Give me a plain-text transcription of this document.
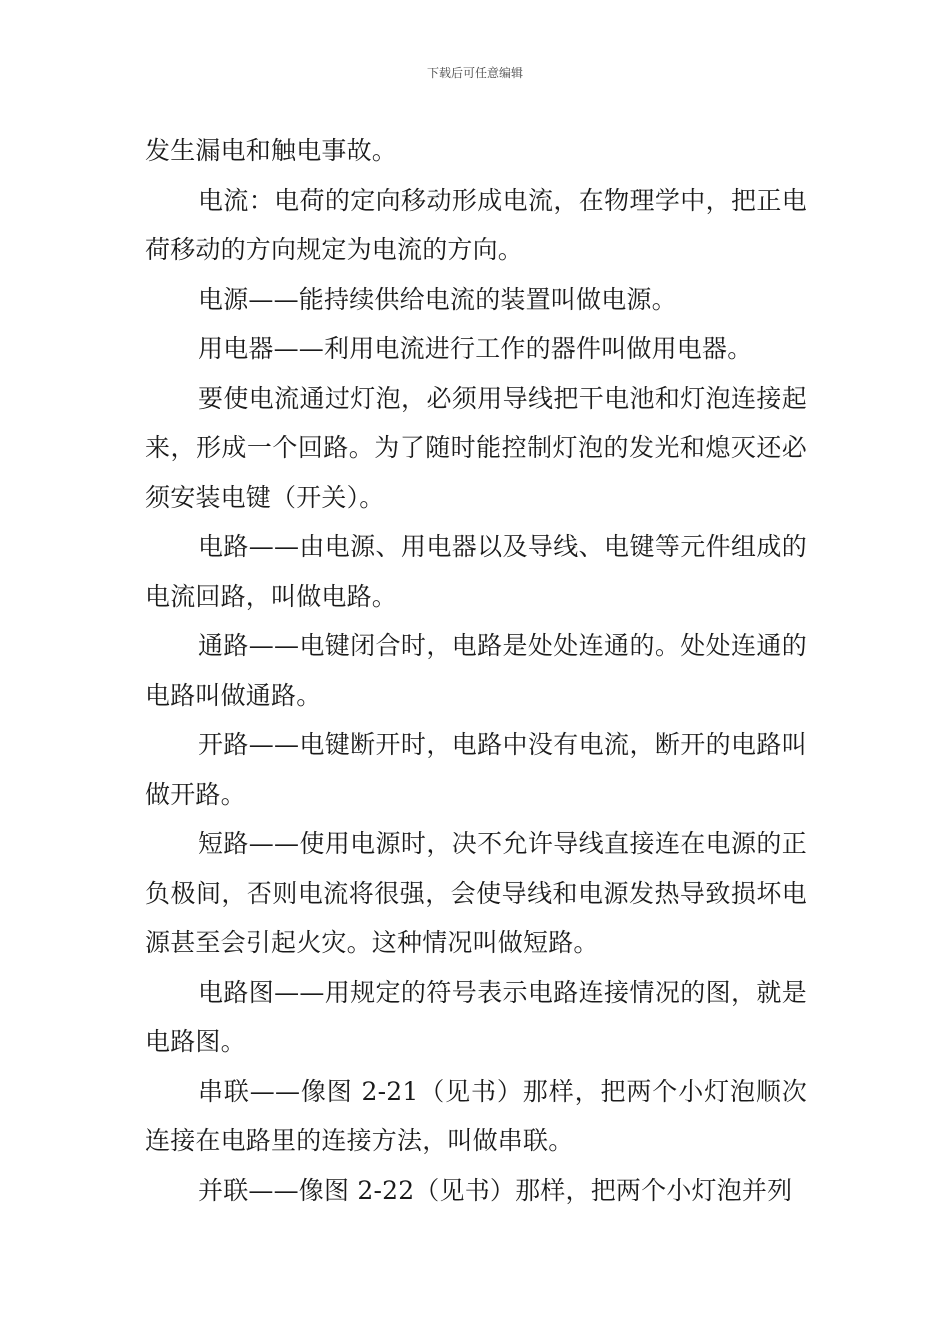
下载后可任意编辑

发生漏电和触电事故。

电流：电荷的定向移动形成电流，在物理学中，把正电荷移动的方向规定为电流的方向。

电源——能持续供给电流的装置叫做电源。

用电器——利用电流进行工作的器件叫做用电器。

要使电流通过灯泡，必须用导线把干电池和灯泡连接起来，形成一个回路。为了随时能控制灯泡的发光和熄灭还必须安装电键（开关）。

电路——由电源、用电器以及导线、电键等元件组成的电流回路，叫做电路。

通路——电键闭合时，电路是处处连通的。处处连通的电路叫做通路。

开路——电键断开时，电路中没有电流，断开的电路叫做开路。

短路——使用电源时，决不允许导线直接连在电源的正负极间，否则电流将很强，会使导线和电源发热导致损坏电源甚至会引起火灾。这种情况叫做短路。

电路图——用规定的符号表示电路连接情况的图，就是电路图。

串联——像图 2-21（见书）那样，把两个小灯泡顺次连接在电路里的连接方法，叫做串联。

并联——像图 2-22（见书）那样，把两个小灯泡并列
